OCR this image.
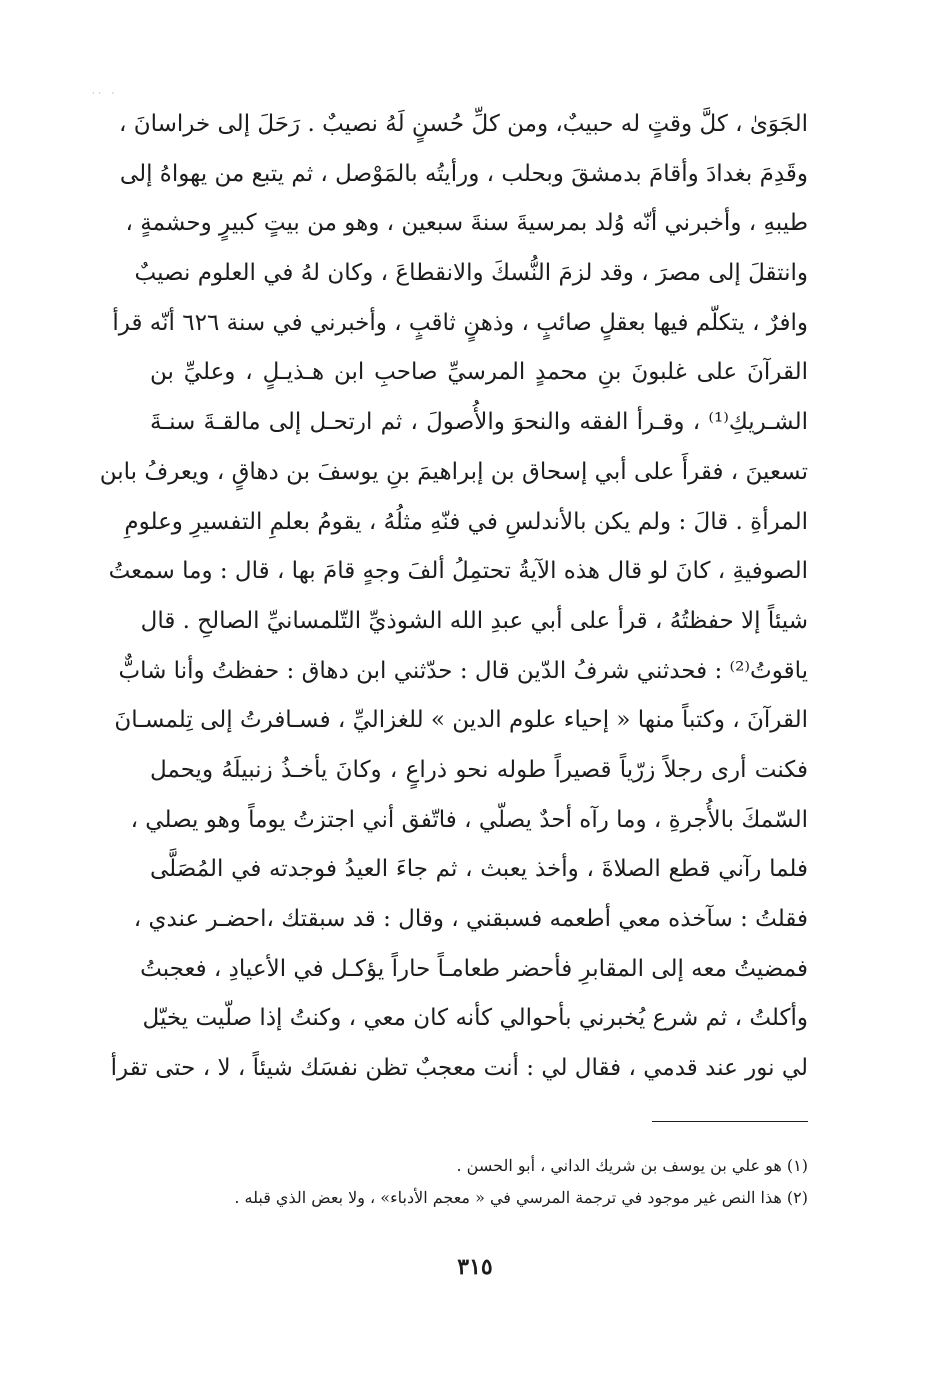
·· ·
الجَوَىٰ ، كلَّ وقتٍ له حبيبٌ، ومن كلِّ حُسنٍ لَهُ نصيبٌ . رَحَلَ إلى خراسانَ ،
وقَدِمَ بغدادَ وأقامَ بدمشقَ وبحلب ، ورأيتُه بالمَوْصل ، ثم يتبع من يهواهُ إلى
طيبهِ ، وأخبرني أنّه وُلد بمرسيةَ سنةَ سبعين ، وهو من بيتٍ كبيرٍ وحشمةٍ ،
وانتقلَ إلى مصرَ ، وقد لزمَ النُّسكَ والانقطاعَ ، وكان لهُ في العلوم نصيبٌ
وافرٌ ، يتكلّم فيها بعقلٍ صائبٍ ، وذهنٍ ثاقبٍ ، وأخبرني في سنة ٦٢٦ أنّه قرأ
القرآنَ على غلبونَ بنِ محمدٍ المرسيِّ صاحبِ ابن هـذيـلٍ ، وعليِّ بن
الشـريكِ⁽¹⁾ ، وقـرأ الفقه والنحوَ والأُصولَ ، ثم ارتحـل إلى مالقـةَ سنـةَ
تسعينَ ، فقرأَ على أبي إسحاق بن إبراهيمَ بنِ يوسفَ بن دهاقٍ ، ويعرفُ بابن
المرأةِ . قالَ : ولم يكن بالأندلسِ في فنّهِ مثلُهُ ، يقومُ بعلمِ التفسيرِ وعلومِ
الصوفيةِ ، كانَ لو قال هذه الآيةُ تحتمِلُ ألفَ وجهٍ قامَ بها ، قال : وما سمعتُ
شيئاً إلا حفظتُهُ ، قرأ على أبي عبدِ الله الشوذيِّ التّلمسانيِّ الصالحِ . قال
ياقوتُ⁽²⁾ : فحدثني شرفُ الدّين قال : حدّثني ابن دهاق : حفظتُ وأنا شابٌّ
القرآنَ ، وكتباً منها « إحياء علوم الدين » للغزاليِّ ، فسـافرتُ إلى تِلمسـانَ
فكنت أرى رجلاً زرّياً قصيراً طوله نحو ذراعٍ ، وكانَ يأخـذُ زنبيلَهُ ويحمل
السّمكَ بالأُجرةِ ، وما رآه أحدٌ يصلّي ، فاتّفق أني اجتزتُ يوماً وهو يصلي ،
فلما رآني قطع الصلاةَ ، وأخذ يعبث ، ثم جاءَ العيدُ فوجدته في المُصَلَّى
فقلتُ : سآخذه معي أطعمه فسبقني ، وقال : قد سبقتك ،احضـر عندي ،
فمضيتُ معه إلى المقابرِ فأحضر طعامـاً حاراً يؤكـل في الأعيادِ ، فعجبتُ
وأكلتُ ، ثم شرع يُخبرني بأحوالي كأنه كان معي ، وكنتُ إذا صلّيت يخيّل
لي نور عند قدمي ، فقال لي : أنت معجبٌ تظن نفسَك شيئاً ، لا ، حتى تقرأ
(١) هو علي بن يوسف بن شريك الداني ، أبو الحسن .
(٢) هذا النص غير موجود في ترجمة المرسي في « معجم الأدباء» ، ولا بعض الذي قبله .
٣١٥
